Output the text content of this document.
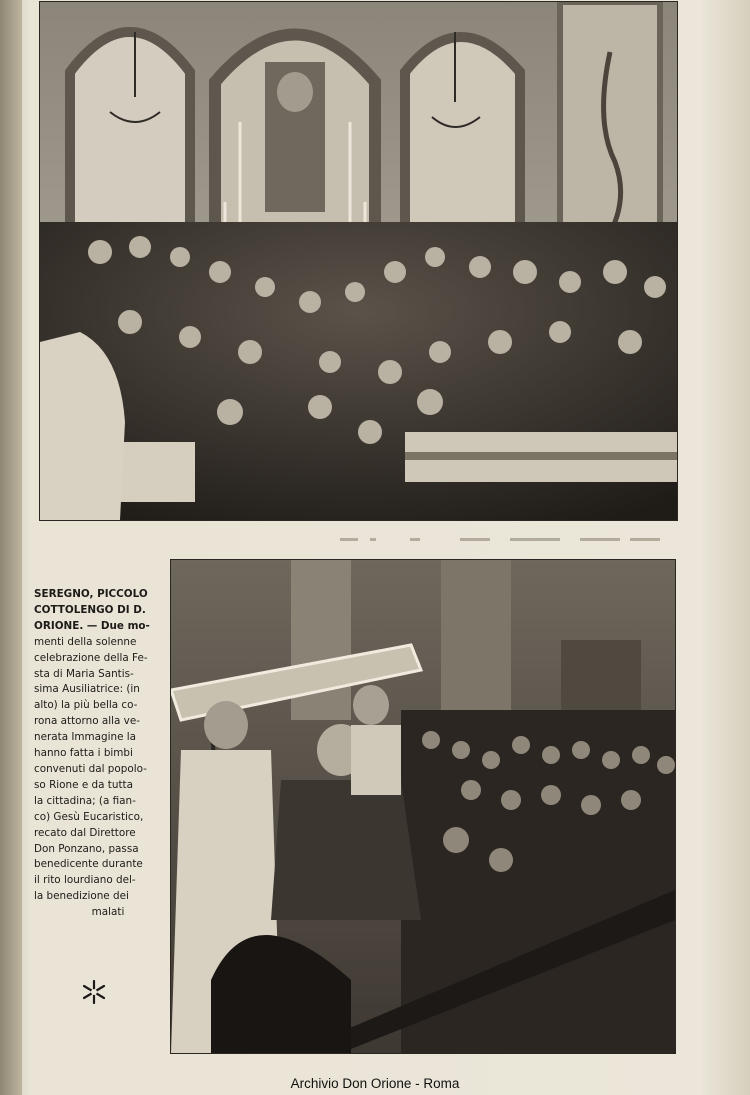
SEREGNO, PICCOLO
COTTOLENGO DI D.
ORIONE. — Due mo-
menti della solenne
celebrazione della Fe-
sta di Maria Santis-
sima Ausiliatrice: (in
alto) la più bella co-
rona attorno alla ve-
nerata Immagine la
hanno fatta i bimbi
convenuti dal popolo-
so Rione e da tutta
la cittadina; (a fian-
co) Gesù Eucaristico,
recato dal Direttore
Don Ponzano, passa
benedicente durante
il rito lourdiano del-
la benedizione dei
malati
Archivio Don Orione - Roma
